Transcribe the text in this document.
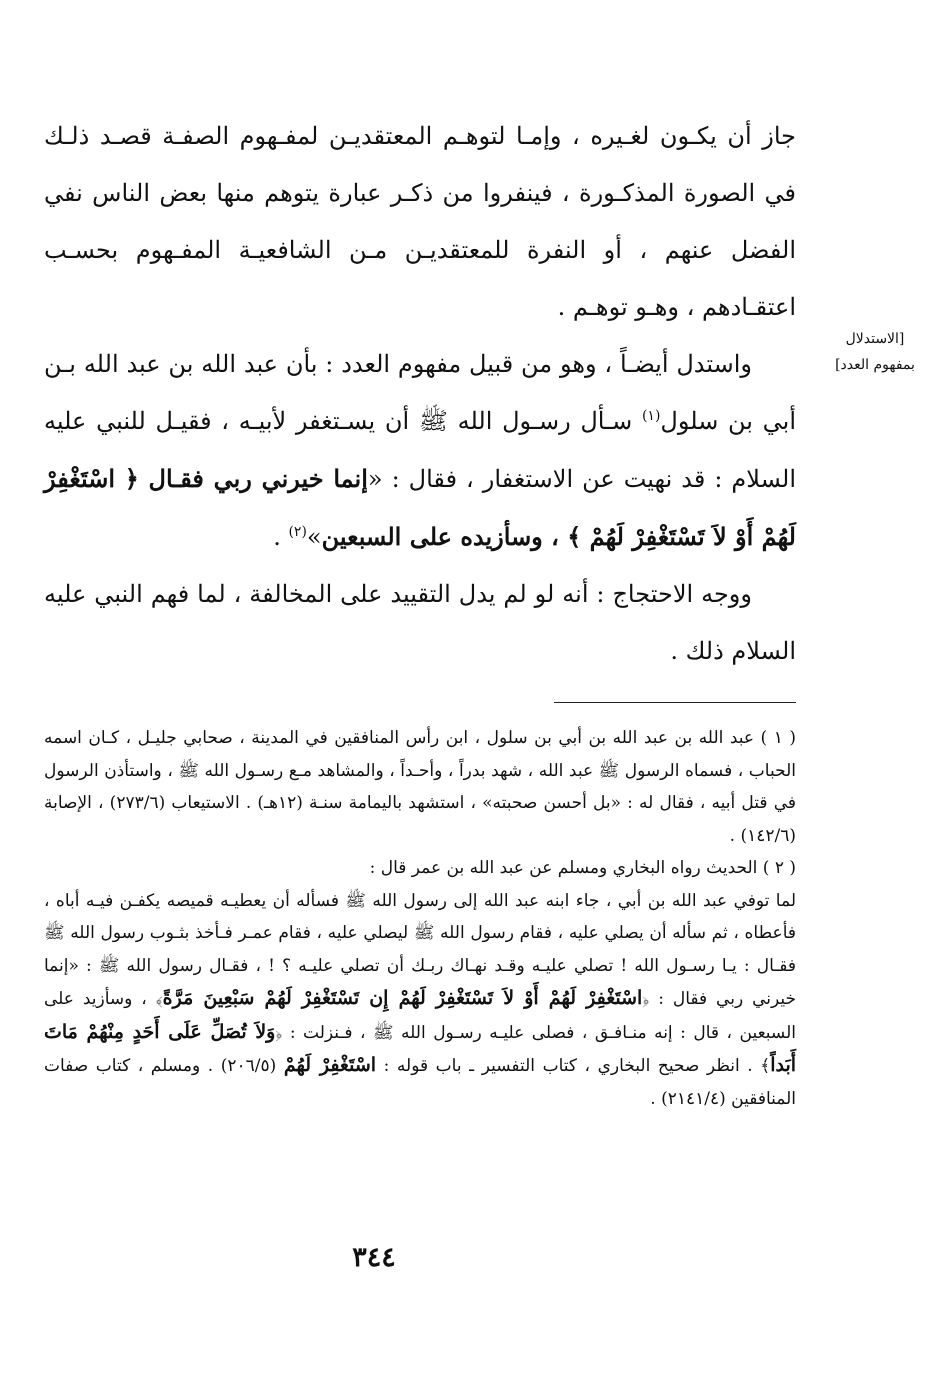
[الاستدلال
بمفهوم العدد]

جاز أن يكـون لغـيره ، وإمـا لتوهـم المعتقديـن لمفـهوم الصفـة قصـد ذلـك في الصورة المذكـورة ، فينفروا من ذكـر عبارة يتوهم منها بعض الناس نفي الفضل عنهم ، أو النفرة للمعتقديـن مـن الشافعيـة المفـهوم بحسـب اعتقـادهم ، وهـو توهـم .

واستدل أيضـاً ، وهو من قبيل مفهوم العدد : بأن عبد الله بن عبد الله بـن أبي بن سلول$^{(١)}$ سـأل رسـول الله ﷺ أن يسـتغفر لأبيـه ، فقيـل للنبي عليه السلام : قد نهيت عن الاستغفار ، فقال : «إنما خيرني ربي فقـال ﴿ اسْتَغْفِرْ لَهُمْ أَوْ لاَ تَسْتَغْفِرْ لَهُمْ ﴾ ، وسأزيده على السبعين»$^{(٢)}$ .

ووجه الاحتجاج : أنه لو لم يدل التقييد على المخالفة ، لما فهم النبي عليه السلام ذلك .

( ١ ) عبد الله بن عبد الله بن أبي بن سلول ، ابن رأس المنافقين في المدينة ، صحابي جليـل ، كـان اسمه الحباب ، فسماه الرسول ﷺ عبد الله ، شهد بدراً ، وأحـداً ، والمشاهد مـع رسـول الله ﷺ ، واستأذن الرسول في قتل أبيه ، فقال له : «بل أحسن صحبته» ، استشهد باليمامة سنـة (١٢هـ) . الاستيعاب (٢٧٣/٦) ، الإصابة (١٤٢/٦) .

( ٢ ) الحديث رواه البخاري ومسلم عن عبد الله بن عمر قال :

لما توفي عبد الله بن أبي ، جاء ابنه عبد الله إلى رسول الله ﷺ فسأله أن يعطيـه قميصه يكفـن فيـه أباه ، فأعطاه ، ثم سأله أن يصلي عليه ، فقام رسول الله ﷺ ليصلي عليه ، فقام عمـر فـأخذ بثـوب رسول الله ﷺ فقـال : يـا رسـول الله ! تصلي عليـه وقـد نهـاك ربـك أن تصلي عليـه ؟ ! ، فقـال رسول الله ﷺ : «إنما خيرني ربي فقال : ﴿اسْتَغْفِرْ لَهُمْ أَوْ لاَ تَسْتَغْفِرْ لَهُمْ إِن تَسْتَغْفِرْ لَهُمْ سَبْعِينَ مَرَّةً﴾ ، وسأزيد على السبعين ، قال : إنه منـافـق ، فصلى عليـه رسـول الله ﷺ ، فـنزلت : ﴿وَلاَ تُصَلِّ عَلَى أَحَدٍ مِنْهُمْ مَاتَ أَبَداً﴾ . انظر صحيح البخاري ، كتاب التفسير ـ باب قوله : اسْتَغْفِرْ لَهُمْ (٢٠٦/٥) . ومسلم ، كتاب صفات المنافقين (٢١٤١/٤) .

٣٤٤
